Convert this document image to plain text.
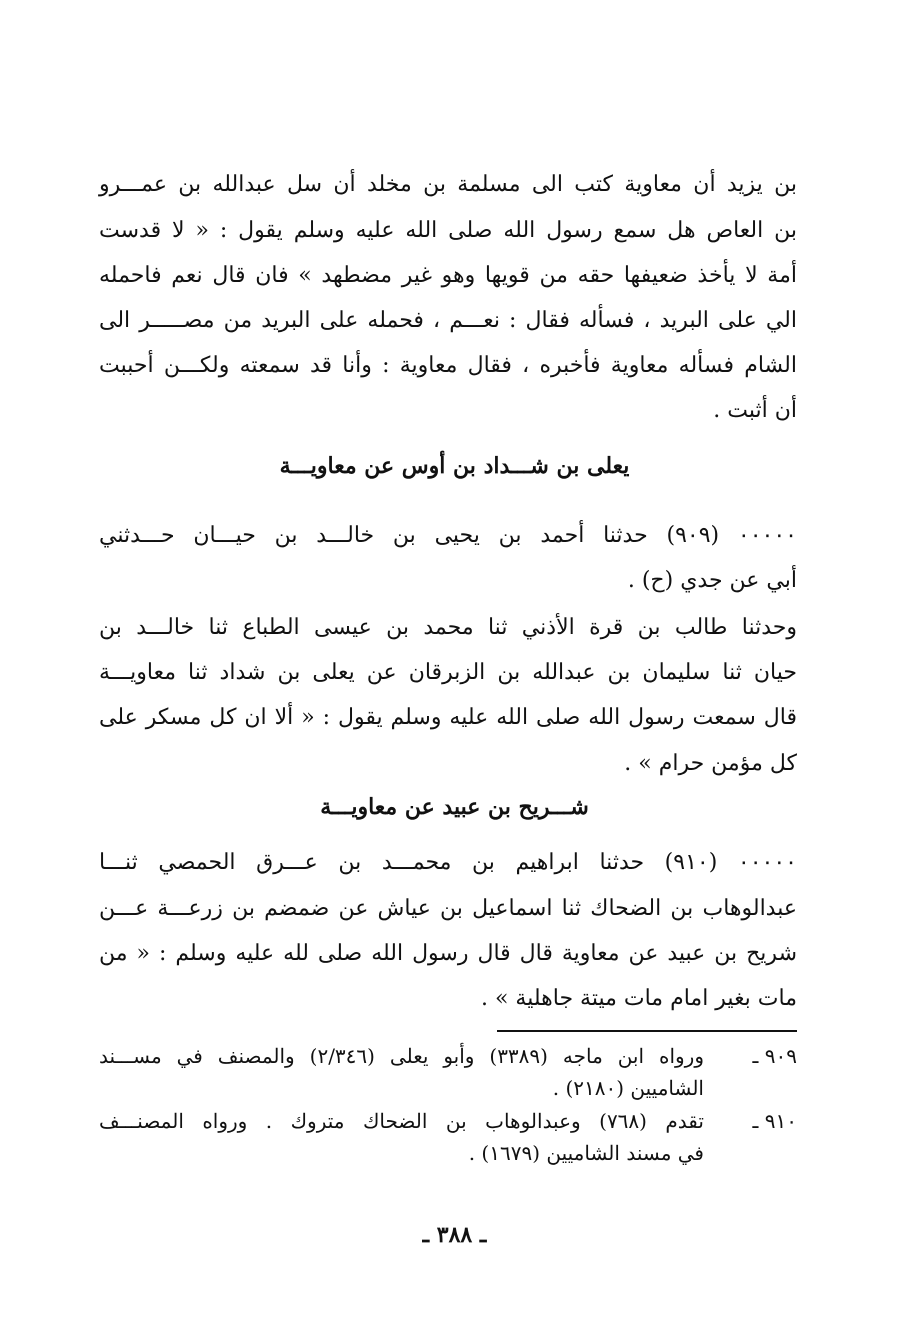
بن يزيد أن معاوية كتب الى مسلمة بن مخلد أن سل عبدالله بن عمـــرو
بن العاص هل سمع رسول الله صلى الله عليه وسلم يقول : « لا قدست
أمة لا يأخذ ضعيفها حقه من قويها وهو غير مضطهد » فان قال نعم فاحمله
الي على البريد ، فسأله فقال : نعـــم ، فحمله على البريد من مصـــــر الى
الشام فسأله معاوية فأخبره ، فقال معاوية : وأنا قد سمعته ولكـــن أحببت
أن أثبت .
يعلى بن شـــداد بن أوس عن معاويـــة
٠٠٠٠٠ (٩٠٩) حدثنا أحمد بن يحيى بن خالـــد بن حيـــان حـــدثني
أبي عن جدي (ح) .
وحدثنا طالب بن قرة الأذني ثنا محمد بن عيسى الطباع ثنا خالـــد بن
حيان ثنا سليمان بن عبدالله بن الزبرقان عن يعلى بن شداد ثنا معاويـــة
قال سمعت رسول الله صلى الله عليه وسلم يقول : « ألا ان كل مسكر على
كل مؤمن حرام » .
شـــريح بن عبيد عن معاويـــة
٠٠٠٠٠ (٩١٠) حدثنا ابراهيم بن محمـــد بن عـــرق الحمصي ثنـــا
عبدالوهاب بن الضحاك ثنا اسماعيل بن عياش عن ضمضم بن زرعـــة عـــن
شريح بن عبيد عن معاوية قال قال رسول الله صلى لله عليه وسلم : « من
مات بغير امام مات ميتة جاهلية » .
٩٠٩ ـ
ورواه ابن ماجه (٣٣٨٩) وأبو يعلى (٢/٣٤٦) والمصنف في مســـند
الشاميين (٢١٨٠) .
٩١٠ ـ
تقدم (٧٦٨) وعبدالوهاب بن الضحاك متروك . ورواه المصنـــف
في مسند الشاميين (١٦٧٩) .
ـ ٣٨٨ ـ
